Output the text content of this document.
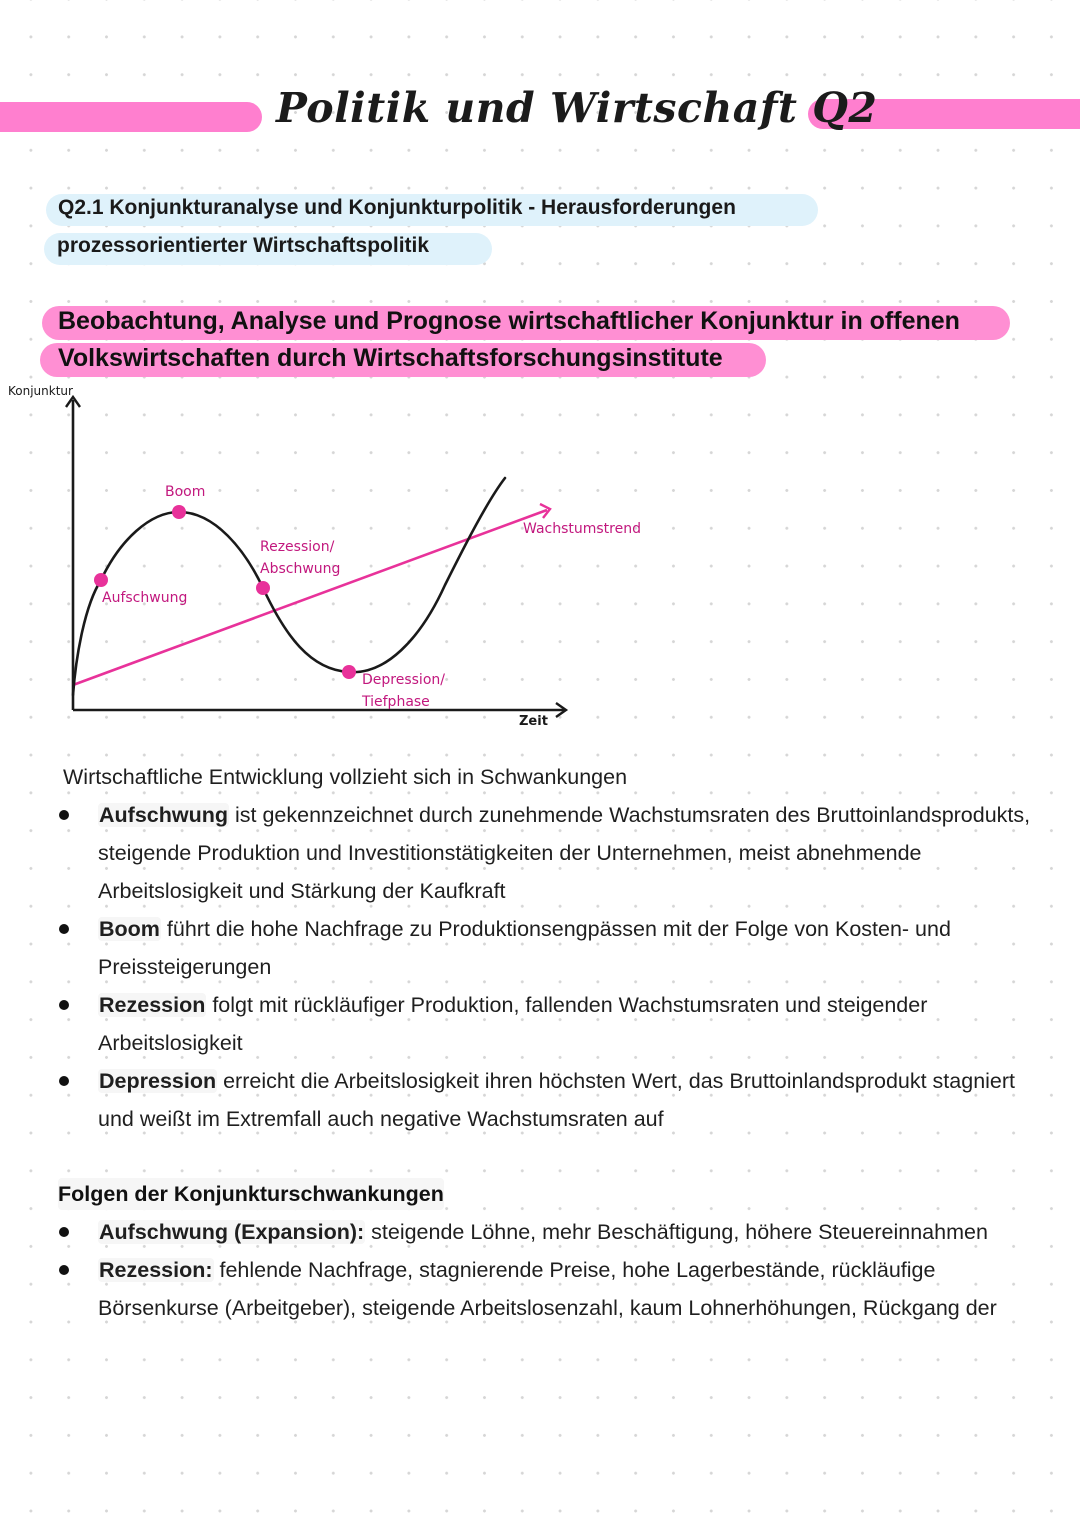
Politik und Wirtschaft Q2
Q2.1 Konjunkturanalyse und Konjunkturpolitik - Herausforderungen
prozessorientierter Wirtschaftspolitik
Beobachtung, Analyse und Prognose wirtschaftlicher Konjunktur in offenen
Volkswirtschaften durch Wirtschaftsforschungsinstitute
Konjunktur
Zeit
Wachstumstrend
Aufschwung
Boom
Rezession/
Abschwung
Depression/
Tiefphase
Wirtschaftliche Entwicklung vollzieht sich in Schwankungen
Aufschwung ist gekennzeichnet durch zunehmende Wachstumsraten des Bruttoinlandsprodukts, steigende Produktion und Investitionstätigkeiten der Unternehmen, meist abnehmende Arbeitslosigkeit und Stärkung der Kaufkraft
Boom führt die hohe Nachfrage zu Produktionsengpässen mit der Folge von Kosten- und Preissteigerungen
Rezession folgt mit rückläufiger Produktion, fallenden Wachstumsraten und steigender Arbeitslosigkeit
Depression erreicht die Arbeitslosigkeit ihren höchsten Wert, das Bruttoinlandsprodukt stagniert und weißt im Extremfall auch negative Wachstumsraten auf
Folgen der Konjunkturschwankungen
Aufschwung (Expansion): steigende Löhne, mehr Beschäftigung, höhere Steuereinnahmen
Rezession: fehlende Nachfrage, stagnierende Preise, hohe Lagerbestände, rückläufige Börsenkurse (Arbeitgeber), steigende Arbeitslosenzahl, kaum Lohnerhöhungen, Rückgang der
